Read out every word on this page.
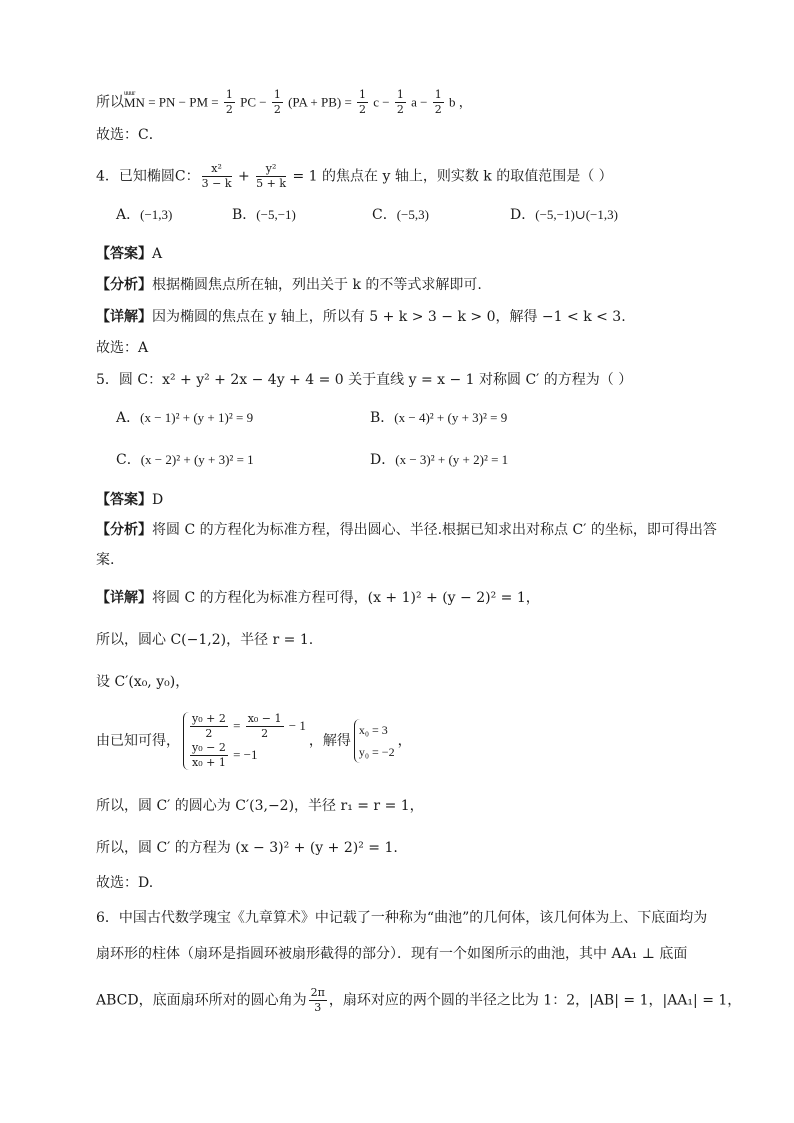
所以uuur MN = PN − PM = $\frac{1}{2}$ PC − $\frac{1}{2} (PA + PB) = \frac{1}{2}$ $c - \frac{1}{2}$ $a - \frac{1}{2}$ b ，
故选：C．
4．已知椭圆C： $\frac{\text{x²}}{3 - k} + \frac{\text{y²}}{5 + k} = 1$ 的焦点在 y 轴上，则实数 k 的取值范围是（ ）
A．(−1,3)	B．(−5,−1)	C．(−5,3)	D．(−5,−1)∪(−1,3)
【答案】A
【分析】根据椭圆焦点所在轴，列出关于 k 的不等式求解即可.
【详解】因为椭圆的焦点在 y 轴上，所以有 5 + k > 3 − k > 0，解得 −1 < k < 3.
故选：A
5．圆 C：x² + y² + 2x − 4y + 4 = 0 关于直线 y = x − 1 对称圆 C′ 的方程为（ ）
A．(x − 1)² + (y + 1)² = 9	B．(x − 4)² + (y + 3)² = 9
C．(x − 2)² + (y + 3)² = 1	D．(x − 3)² + (y + 2)² = 1
【答案】D
【分析】将圆 C 的方程化为标准方程，得出圆心、半径.根据已知求出对称点 C′ 的坐标，即可得出答
案.
【详解】将圆 C 的方程化为标准方程可得，(x + 1)² + (y − 2)² = 1，
所以，圆心 C(−1,2)，半径 r = 1.
设 C′(x₀, y₀)，
由已知可得， $\frac{\text{y₀ + 2}}{2} = \frac{\text{x₀ − 1}}{2} - 1$
$\frac{\text{y₀ − 2}}{\text{x₀ + 1}} = -1$
，解得
x₀ = 3
y₀ = −2
，
所以，圆 C′ 的圆心为 C′(3,−2)，半径 r₁ = r = 1，
所以，圆 C′ 的方程为 (x − 3)² + (y + 2)² = 1.
故选：D.
6．中国古代数学瑰宝《九章算术》中记载了一种称为“曲池”的几何体，该几何体为上、下底面均为
扇环形的柱体（扇环是指圆环被扇形截得的部分）．现有一个如图所示的曲池，其中 AA₁ ⊥ 底面
ABCD，底面扇环所对的圆心角为 $\frac{2\pi}{3}$ ，扇环对应的两个圆的半径之比为 1：2，|AB| = 1，|AA₁| = 1，
